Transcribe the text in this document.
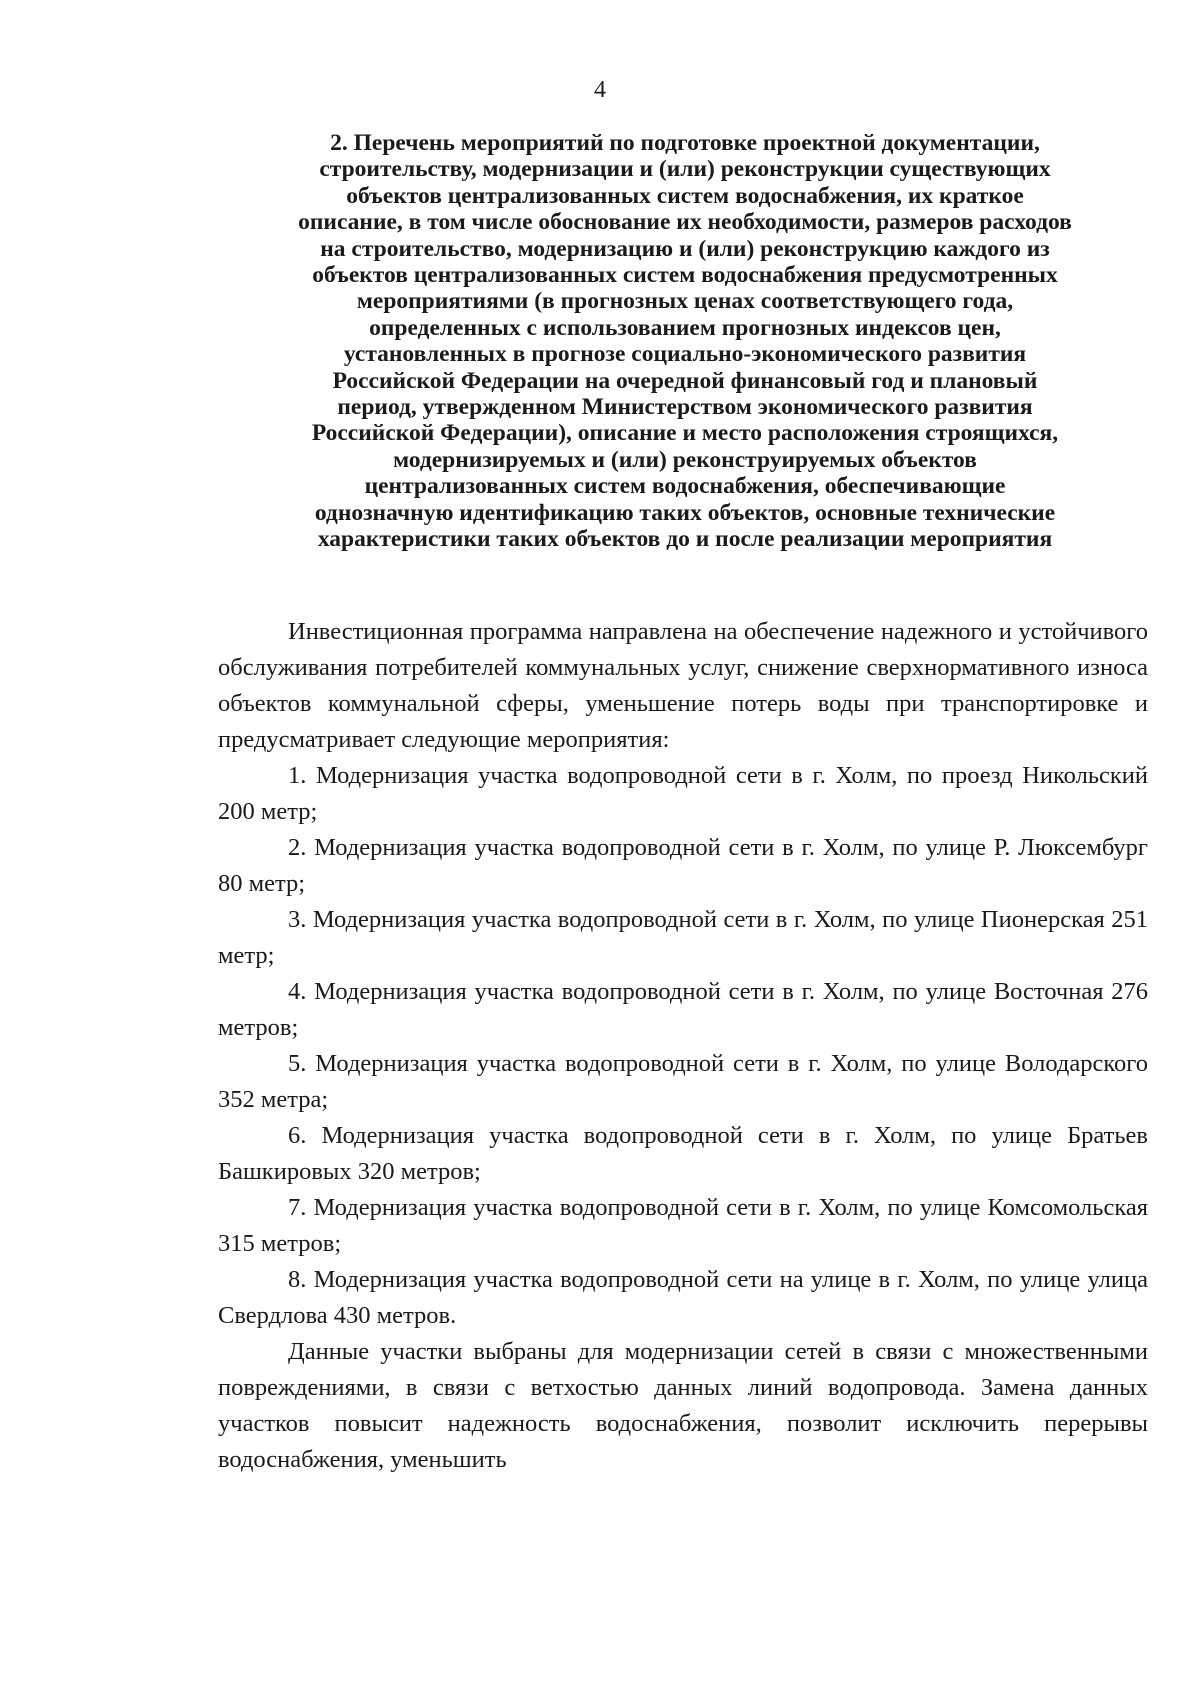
4
2. Перечень мероприятий по подготовке проектной документации,
строительству, модернизации и (или) реконструкции существующих
объектов централизованных систем водоснабжения, их краткое
описание, в том числе обоснование их необходимости, размеров расходов
на строительство, модернизацию и (или) реконструкцию каждого из
объектов централизованных систем водоснабжения предусмотренных
мероприятиями (в прогнозных ценах соответствующего года,
определенных с использованием прогнозных индексов цен,
установленных в прогнозе социально-экономического развития
Российской Федерации на очередной финансовый год и плановый
период, утвержденном Министерством экономического развития
Российской Федерации), описание и место расположения строящихся,
модернизируемых и (или) реконструируемых объектов
централизованных систем водоснабжения, обеспечивающие
однозначную идентификацию таких объектов, основные технические
характеристики таких объектов до и после реализации мероприятия

Инвестиционная программа направлена на обеспечение надежного и устойчивого обслуживания потребителей коммунальных услуг, снижение сверхнормативного износа объектов коммунальной сферы, уменьшение потерь воды при транспортировке и предусматривает следующие мероприятия:

1. Модернизация участка водопроводной сети в г. Холм, по проезд Никольский 200 метр;

2. Модернизация участка водопроводной сети в г. Холм, по улице Р. Люксембург 80 метр;

3. Модернизация участка водопроводной сети в г. Холм, по улице Пионерская 251 метр;

4. Модернизация участка водопроводной сети в г. Холм, по улице Восточная 276 метров;

5. Модернизация участка водопроводной сети в г. Холм, по улице Володарского 352 метра;

6. Модернизация участка водопроводной сети в г. Холм, по улице Братьев Башкировых 320 метров;

7. Модернизация участка водопроводной сети в г. Холм, по улице Комсомольская 315 метров;

8. Модернизация участка водопроводной сети на улице в г. Холм, по улице улица Свердлова 430 метров.

Данные участки выбраны для модернизации сетей в связи с множественными повреждениями, в связи с ветхостью данных линий водопровода. Замена данных участков повысит надежность водоснабжения, позволит исключить перерывы водоснабжения, уменьшить
